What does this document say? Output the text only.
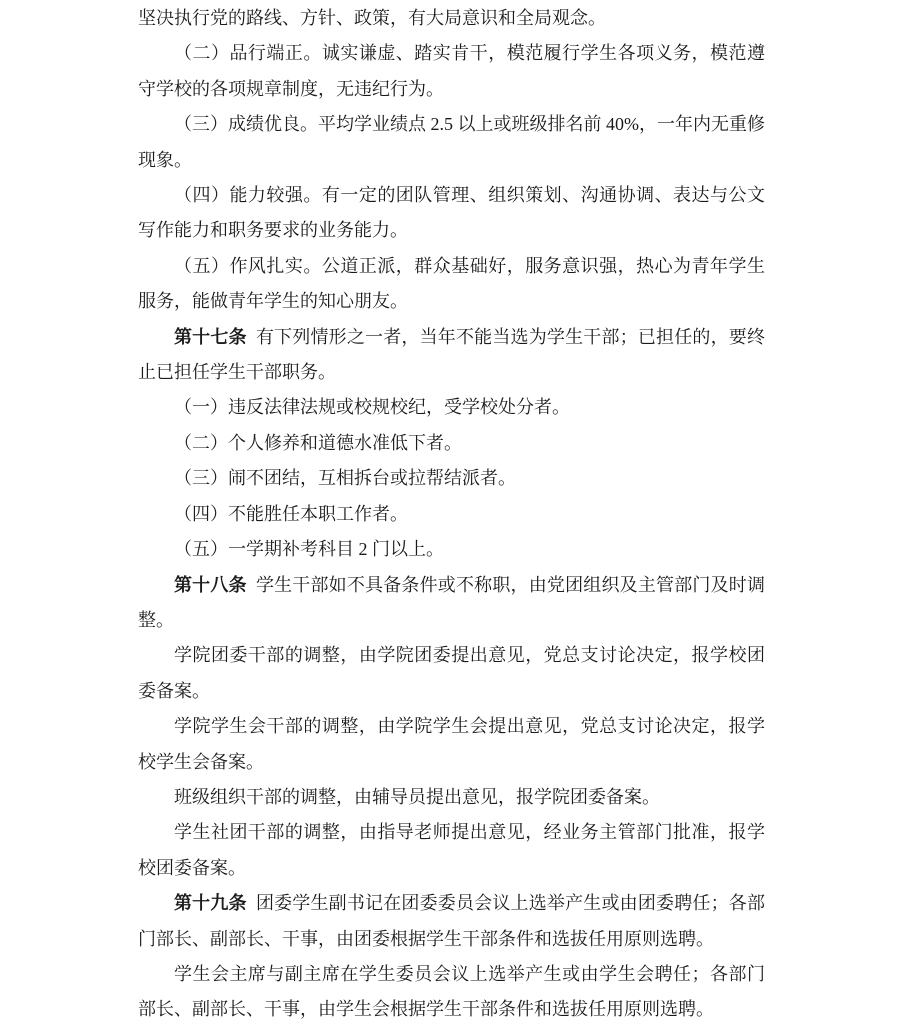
坚决执行党的路线、方针、政策，有大局意识和全局观念。

（二）品行端正。诚实谦虚、踏实肯干，模范履行学生各项义务，模范遵守学校的各项规章制度，无违纪行为。

（三）成绩优良。平均学业绩点 2.5 以上或班级排名前 40%，一年内无重修现象。

（四）能力较强。有一定的团队管理、组织策划、沟通协调、表达与公文写作能力和职务要求的业务能力。

（五）作风扎实。公道正派，群众基础好，服务意识强，热心为青年学生服务，能做青年学生的知心朋友。

第十七条 有下列情形之一者，当年不能当选为学生干部；已担任的，要终止已担任学生干部职务。

（一）违反法律法规或校规校纪，受学校处分者。

（二）个人修养和道德水准低下者。

（三）闹不团结，互相拆台或拉帮结派者。

（四）不能胜任本职工作者。

（五）一学期补考科目 2 门以上。

第十八条 学生干部如不具备条件或不称职，由党团组织及主管部门及时调整。

学院团委干部的调整，由学院团委提出意见，党总支讨论决定，报学校团委备案。

学院学生会干部的调整，由学院学生会提出意见，党总支讨论决定，报学校学生会备案。

班级组织干部的调整，由辅导员提出意见，报学院团委备案。

学生社团干部的调整，由指导老师提出意见，经业务主管部门批准，报学校团委备案。

第十九条 团委学生副书记在团委委员会议上选举产生或由团委聘任；各部门部长、副部长、干事，由团委根据学生干部条件和选拔任用原则选聘。

学生会主席与副主席在学生委员会议上选举产生或由学生会聘任；各部门部长、副部长、干事，由学生会根据学生干部条件和选拔任用原则选聘。
